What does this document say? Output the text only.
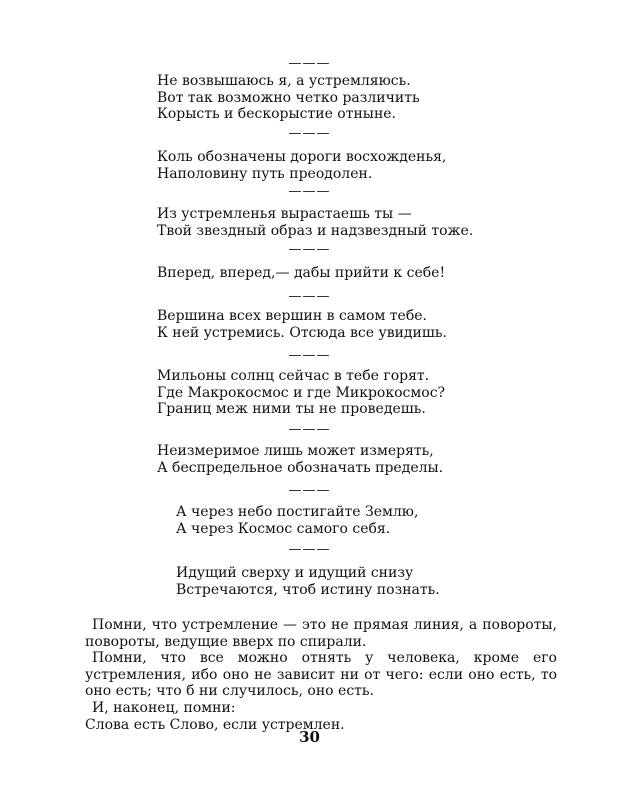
———
Не возвышаюсь я, а устремляюсь.
Вот так возможно четко различить
Корысть и бескорыстие отныне.
———
Коль обозначены дороги восхожденья,
Наполовину путь преодолен.
———
Из устремленья вырастаешь ты —
Твой звездный образ и надзвездный тоже.
———
Вперед, вперед,— дабы прийти к себе!
———
Вершина всех вершин в самом тебе.
К ней устремись. Отсюда все увидишь.
———
Мильоны солнц сейчас в тебе горят.
Где Макрокосмос и где Микрокосмос?
Границ меж ними ты не проведешь.
———
Неизмеримое лишь может измерять,
А беспредельное обозначать пределы.
———
А через небо постигайте Землю,
А через Космос самого себя.
———
Идущий сверху и идущий снизу
Встречаются, чтоб истину познать.

Помни, что устремление — это не прямая линия, а повороты, повороты, ведущие вверх по спирали.

Помни, что все можно отнять у человека, кроме его устремления, ибо оно не зависит ни от чего: если оно есть, то оно есть; что б ни случилось, оно есть.

И, наконец, помни:

Слова есть Слово, если устремлен.

30
